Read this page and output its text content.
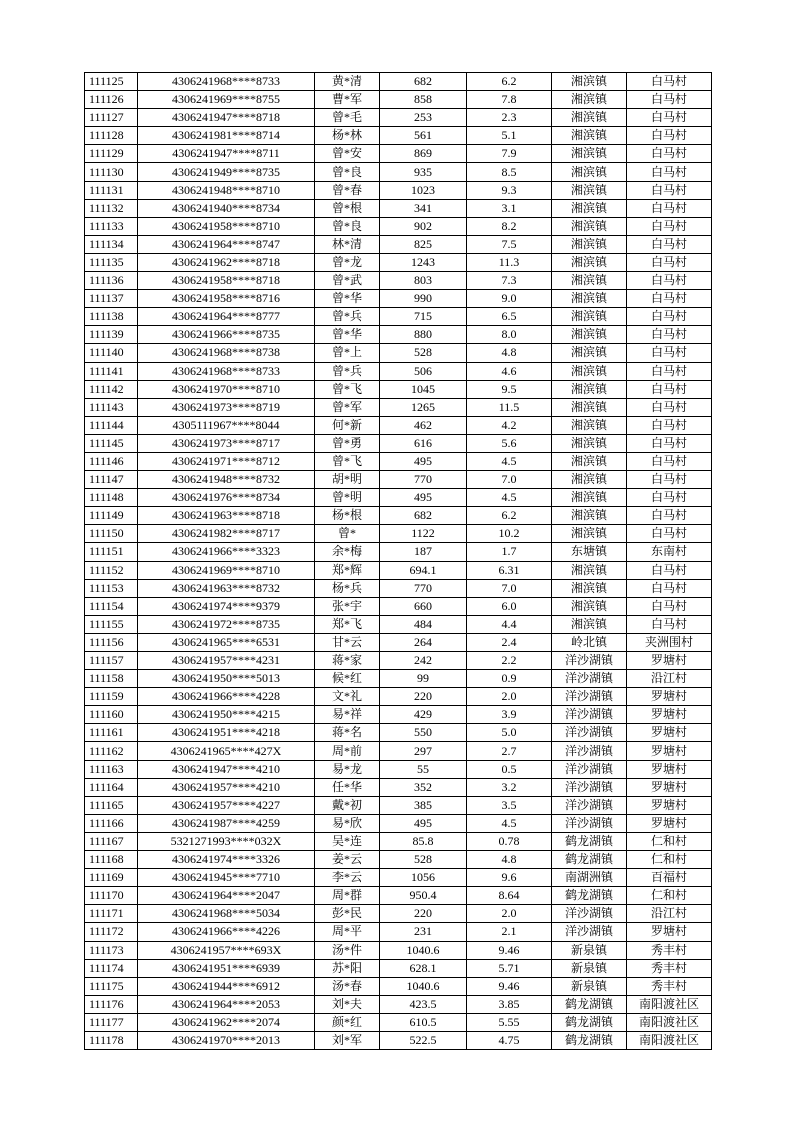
111125	4306241968****8733	黄*清	682	6.2	湘滨镇	白马村
111126	4306241969****8755	曹*军	858	7.8	湘滨镇	白马村
111127	4306241947****8718	曾*毛	253	2.3	湘滨镇	白马村
111128	4306241981****8714	杨*林	561	5.1	湘滨镇	白马村
111129	4306241947****8711	曾*安	869	7.9	湘滨镇	白马村
111130	4306241949****8735	曾*良	935	8.5	湘滨镇	白马村
111131	4306241948****8710	曾*春	1023	9.3	湘滨镇	白马村
111132	4306241940****8734	曾*根	341	3.1	湘滨镇	白马村
111133	4306241958****8710	曾*良	902	8.2	湘滨镇	白马村
111134	4306241964****8747	林*清	825	7.5	湘滨镇	白马村
111135	4306241962****8718	曾*龙	1243	11.3	湘滨镇	白马村
111136	4306241958****8718	曾*武	803	7.3	湘滨镇	白马村
111137	4306241958****8716	曾*华	990	9.0	湘滨镇	白马村
111138	4306241964****8777	曾*兵	715	6.5	湘滨镇	白马村
111139	4306241966****8735	曾*华	880	8.0	湘滨镇	白马村
111140	4306241968****8738	曾*上	528	4.8	湘滨镇	白马村
111141	4306241968****8733	曾*兵	506	4.6	湘滨镇	白马村
111142	4306241970****8710	曾*飞	1045	9.5	湘滨镇	白马村
111143	4306241973****8719	曾*军	1265	11.5	湘滨镇	白马村
111144	4305111967****8044	何*新	462	4.2	湘滨镇	白马村
111145	4306241973****8717	曾*勇	616	5.6	湘滨镇	白马村
111146	4306241971****8712	曾*飞	495	4.5	湘滨镇	白马村
111147	4306241948****8732	胡*明	770	7.0	湘滨镇	白马村
111148	4306241976****8734	曾*明	495	4.5	湘滨镇	白马村
111149	4306241963****8718	杨*根	682	6.2	湘滨镇	白马村
111150	4306241982****8717	曾*	1122	10.2	湘滨镇	白马村
111151	4306241966****3323	余*梅	187	1.7	东塘镇	东南村
111152	4306241969****8710	郑*辉	694.1	6.31	湘滨镇	白马村
111153	4306241963****8732	杨*兵	770	7.0	湘滨镇	白马村
111154	4306241974****9379	张*宇	660	6.0	湘滨镇	白马村
111155	4306241972****8735	郑*飞	484	4.4	湘滨镇	白马村
111156	4306241965****6531	甘*云	264	2.4	岭北镇	夹洲围村
111157	4306241957****4231	蒋*家	242	2.2	洋沙湖镇	罗塘村
111158	4306241950****5013	候*红	99	0.9	洋沙湖镇	沿江村
111159	4306241966****4228	文*礼	220	2.0	洋沙湖镇	罗塘村
111160	4306241950****4215	易*祥	429	3.9	洋沙湖镇	罗塘村
111161	4306241951****4218	蒋*名	550	5.0	洋沙湖镇	罗塘村
111162	4306241965****427X	周*前	297	2.7	洋沙湖镇	罗塘村
111163	4306241947****4210	易*龙	55	0.5	洋沙湖镇	罗塘村
111164	4306241957****4210	任*华	352	3.2	洋沙湖镇	罗塘村
111165	4306241957****4227	戴*初	385	3.5	洋沙湖镇	罗塘村
111166	4306241987****4259	易*欣	495	4.5	洋沙湖镇	罗塘村
111167	5321271993****032X	吴*连	85.8	0.78	鹤龙湖镇	仁和村
111168	4306241974****3326	姜*云	528	4.8	鹤龙湖镇	仁和村
111169	4306241945****7710	李*云	1056	9.6	南湖洲镇	百福村
111170	4306241964****2047	周*群	950.4	8.64	鹤龙湖镇	仁和村
111171	4306241968****5034	彭*民	220	2.0	洋沙湖镇	沿江村
111172	4306241966****4226	周*平	231	2.1	洋沙湖镇	罗塘村
111173	4306241957****693X	汤*件	1040.6	9.46	新泉镇	秀丰村
111174	4306241951****6939	苏*阳	628.1	5.71	新泉镇	秀丰村
111175	4306241944****6912	汤*春	1040.6	9.46	新泉镇	秀丰村
111176	4306241964****2053	刘*夫	423.5	3.85	鹤龙湖镇	南阳渡社区
111177	4306241962****2074	颜*红	610.5	5.55	鹤龙湖镇	南阳渡社区
111178	4306241970****2013	刘*军	522.5	4.75	鹤龙湖镇	南阳渡社区
